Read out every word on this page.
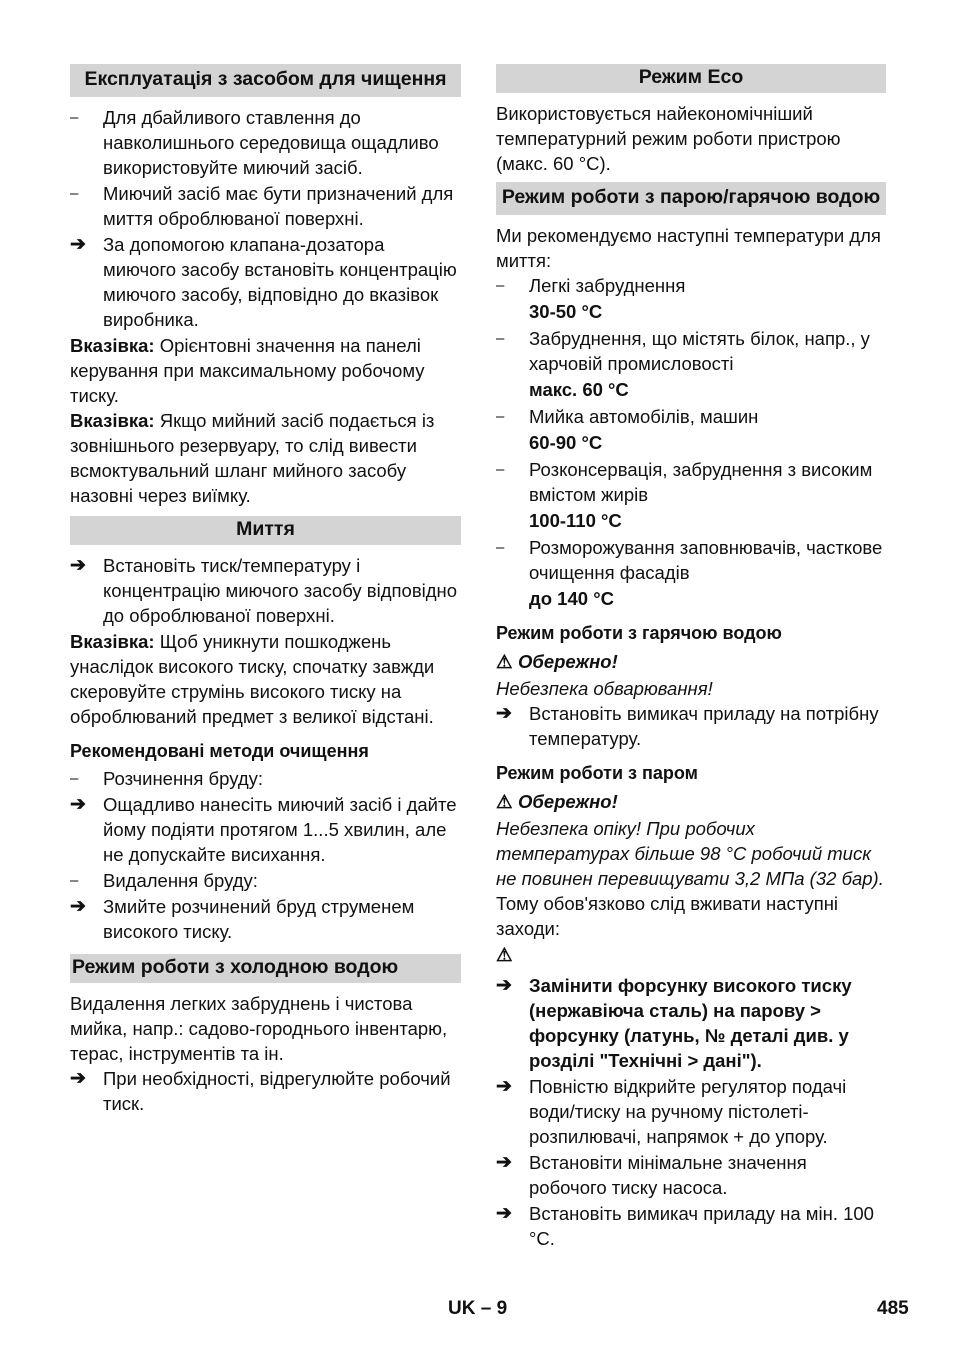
Експлуатація з засобом для чищення
–	Для дбайливого ставлення до навколишнього середовища ощадливо використовуйте миючий засіб.
–	Миючий засіб має бути призначений для миття оброблюваної поверхні.
➔ За допомогою клапана-дозатора миючого засобу встановіть концентрацію миючого засобу, відповідно до вказівок виробника.

Вказівка: Орієнтовні значення на панелі керування при максимальному робочому тиску.

Вказівка: Якщо мийний засіб подається із зовнішнього резервуару, то слід вивести всмоктувальний шланг мийного засобу назовні через виїмку.

Миття
➔ Встановіть тиск/температуру і концентрацію миючого засобу відповідно до оброблюваної поверхні.

Вказівка: Щоб уникнути пошкоджень унаслідок високого тиску, спочатку завжди скеровуйте струмінь високого тиску на оброблюваний предмет з великої відстані.

Рекомендовані методи очищення
–	Розчинення бруду:
➔ Ощадливо нанесіть миючий засіб і дайте йому подіяти протягом 1...5 хвилин, але не допускайте висихання.
–	Видалення бруду:
➔ Змийте розчинений бруд струменем високого тиску.
Режим роботи з холодною водою

Видалення легких забруднень і чистова мийка, напр.: садово-городнього інвентарю, терас, інструментів та ін.

➔ При необхідності, відрегулюйте робочий тиск.
Режим Eco

Використовується найекономічніший температурний режим роботи пристрою (макс. 60 °C).

Режим роботи з парою/гарячою водою

Ми рекомендуємо наступні температури для миття:

–	Легкі забруднення
30-50 °C
–	Забруднення, що містять білок, напр., у харчовій промисловості
макс. 60 °C
–	Мийка автомобілів, машин
60-90 °C
–	Розконсервація, забруднення з високим вмістом жирів
100-110 °C
–	Розморожування заповнювачів, часткове очищення фасадів
до 140 °C
Режим роботи з гарячою водою
⚠ Обережно!

Небезпека обварювання!

➔ Встановіть вимикач приладу на потрібну температуру.
Режим роботи з паром
⚠ Обережно!

Небезпека опіку! При робочих температурах більше 98 °C робочий тиск не повинен перевищувати 3,2 МПа (32 бар).

Тому обов'язково слід вживати наступні заходи:

⚠
➔ Замінити форсунку високого тиску (нержавіюча сталь) на парову > форсунку (латунь, № деталі див. у розділі "Технічні > дані").
➔ Повністю відкрийте регулятор подачі води/тиску на ручному пістолеті-розпилювачі, напрямок + до упору.
➔ Встановіти мінімальне значення робочого тиску насоса.
➔ Встановіть вимикач приладу на мін. 100 °C.
UK – 9	485
